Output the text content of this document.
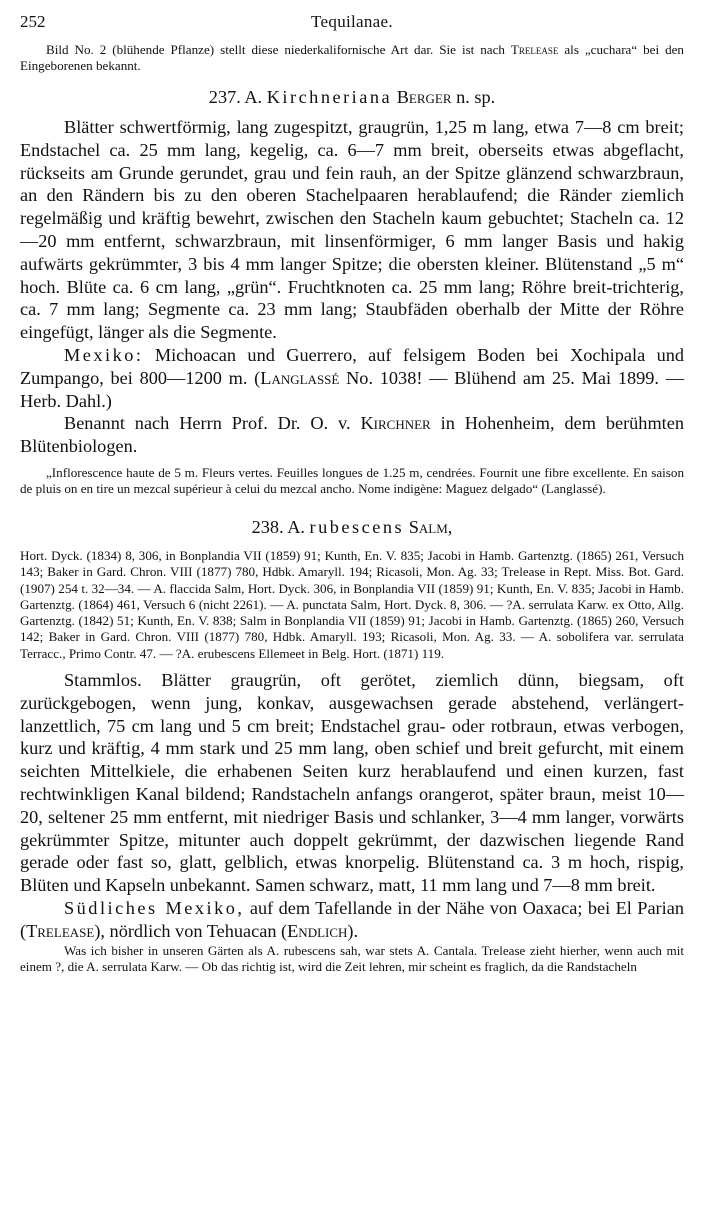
252	Tequilanae.

Bild No. 2 (blühende Pflanze) stellt diese niederkalifornische Art dar. Sie ist nach Trelease als „cuchara“ bei den Eingeborenen bekannt.

237. A. Kirchneriana Berger n. sp.

Blätter schwertförmig, lang zugespitzt, graugrün, 1,25 m lang, etwa 7—8 cm breit; Endstachel ca. 25 mm lang, kegelig, ca. 6—7 mm breit, oberseits etwas abgeflacht, rückseits am Grunde gerundet, grau und fein rauh, an der Spitze glänzend schwarzbraun, an den Rändern bis zu den oberen Stachelpaaren herablaufend; die Ränder ziemlich regelmäßig und kräftig bewehrt, zwischen den Stacheln kaum gebuchtet; Stacheln ca. 12—20 mm entfernt, schwarzbraun, mit linsenförmiger, 6 mm langer Basis und hakig aufwärts gekrümmter, 3 bis 4 mm langer Spitze; die obersten kleiner. Blütenstand „5 m“ hoch. Blüte ca. 6 cm lang, „grün“. Fruchtknoten ca. 25 mm lang; Röhre breit-trichterig, ca. 7 mm lang; Segmente ca. 23 mm lang; Staubfäden oberhalb der Mitte der Röhre eingefügt, länger als die Segmente.

Mexiko: Michoacan und Guerrero, auf felsigem Boden bei Xochipala und Zumpango, bei 800—1200 m. (Langlassé No. 1038! — Blühend am 25. Mai 1899. — Herb. Dahl.)

Benannt nach Herrn Prof. Dr. O. v. Kirchner in Hohenheim, dem berühmten Blütenbiologen.

„Inflorescence haute de 5 m. Fleurs vertes. Feuilles longues de 1.25 m, cendrées. Fournit une fibre excellente. En saison de pluis on en tire un mezcal supérieur à celui du mezcal ancho. Nome indigène: Maguez delgado“ (Langlassé).

238. A. rubescens Salm,

Hort. Dyck. (1834) 8, 306, in Bonplandia VII (1859) 91; Kunth, En. V. 835; Jacobi in Hamb. Gartenztg. (1865) 261, Versuch 143; Baker in Gard. Chron. VIII (1877) 780, Hdbk. Amaryll. 194; Ricasoli, Mon. Ag. 33; Trelease in Rept. Miss. Bot. Gard. (1907) 254 t. 32—34. — A. flaccida Salm, Hort. Dyck. 306, in Bonplandia VII (1859) 91; Kunth, En. V. 835; Jacobi in Hamb. Gartenztg. (1864) 461, Versuch 6 (nicht 2261). — A. punctata Salm, Hort. Dyck. 8, 306. — ?A. serrulata Karw. ex Otto, Allg. Gartenztg. (1842) 51; Kunth, En. V. 838; Salm in Bonplandia VII (1859) 91; Jacobi in Hamb. Gartenztg. (1865) 260, Versuch 142; Baker in Gard. Chron. VIII (1877) 780, Hdbk. Amaryll. 193; Ricasoli, Mon. Ag. 33. — A. sobolifera var. serrulata Terracc., Primo Contr. 47. — ?A. erubescens Ellemeet in Belg. Hort. (1871) 119.

Stammlos. Blätter graugrün, oft gerötet, ziemlich dünn, biegsam, oft zurückgebogen, wenn jung, konkav, ausgewachsen gerade abstehend, verlängert-lanzettlich, 75 cm lang und 5 cm breit; Endstachel grau- oder rotbraun, etwas verbogen, kurz und kräftig, 4 mm stark und 25 mm lang, oben schief und breit gefurcht, mit einem seichten Mittelkiele, die erhabenen Seiten kurz herablaufend und einen kurzen, fast rechtwinkligen Kanal bildend; Randstacheln anfangs orangerot, später braun, meist 10—20, seltener 25 mm entfernt, mit niedriger Basis und schlanker, 3—4 mm langer, vorwärts gekrümmter Spitze, mitunter auch doppelt gekrümmt, der dazwischen liegende Rand gerade oder fast so, glatt, gelblich, etwas knorpelig. Blütenstand ca. 3 m hoch, rispig, Blüten und Kapseln unbekannt. Samen schwarz, matt, 11 mm lang und 7—8 mm breit.

Südliches Mexiko, auf dem Tafellande in der Nähe von Oaxaca; bei El Parian (Trelease), nördlich von Tehuacan (Endlich).

Was ich bisher in unseren Gärten als A. rubescens sah, war stets A. Cantala. Trelease zieht hierher, wenn auch mit einem ?, die A. serrulata Karw. — Ob das richtig ist, wird die Zeit lehren, mir scheint es fraglich, da die Randstacheln
